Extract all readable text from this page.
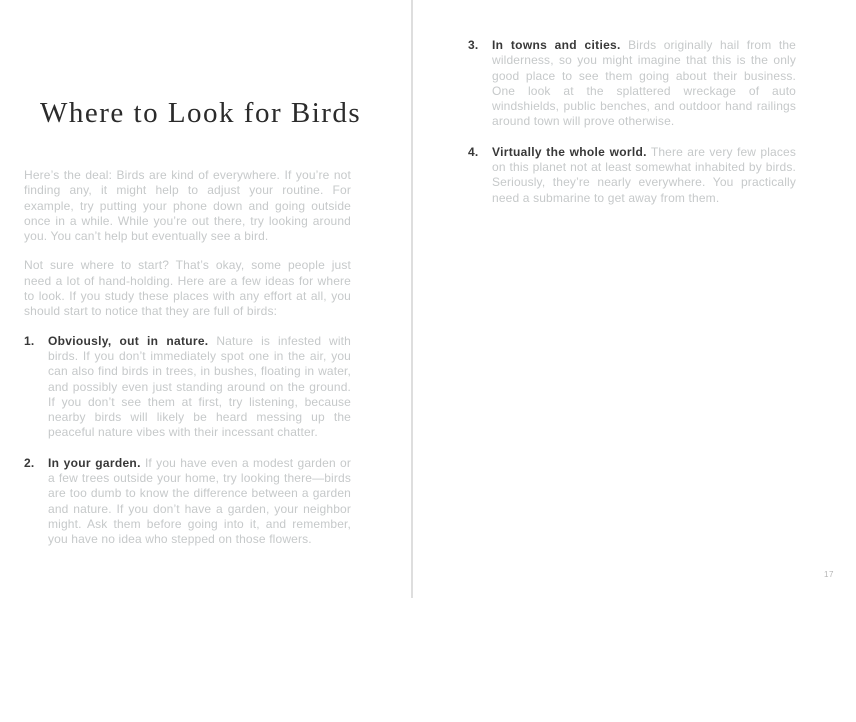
Where to Look for Birds

Here’s the deal: Birds are kind of everywhere. If you’re not finding any, it might help to adjust your routine. For example, try putting your phone down and going outside once in a while. While you’re out there, try looking around you. You can’t help but eventually see a bird.

Not sure where to start? That’s okay, some people just need a lot of hand-holding. Here are a few ideas for where to look. If you study these places with any effort at all, you should start to notice that they are full of birds:

1. Obviously, out in nature. Nature is infested with birds. If you don’t immediately spot one in the air, you can also find birds in trees, in bushes, floating in water, and possibly even just standing around on the ground. If you don’t see them at first, try listening, because nearby birds will likely be heard messing up the peaceful nature vibes with their incessant chatter.
2. In your garden. If you have even a modest garden or a few trees outside your home, try looking there—birds are too dumb to know the difference between a garden and nature. If you don’t have a garden, your neighbor might. Ask them before going into it, and remember, you have no idea who stepped on those flowers.
3. In towns and cities. Birds originally hail from the wilderness, so you might imagine that this is the only good place to see them going about their business. One look at the splattered wreckage of auto windshields, public benches, and outdoor hand railings around town will prove otherwise.
4. Virtually the whole world. There are very few places on this planet not at least somewhat inhabited by birds. Seriously, they’re nearly everywhere. You practically need a submarine to get away from them.
17
